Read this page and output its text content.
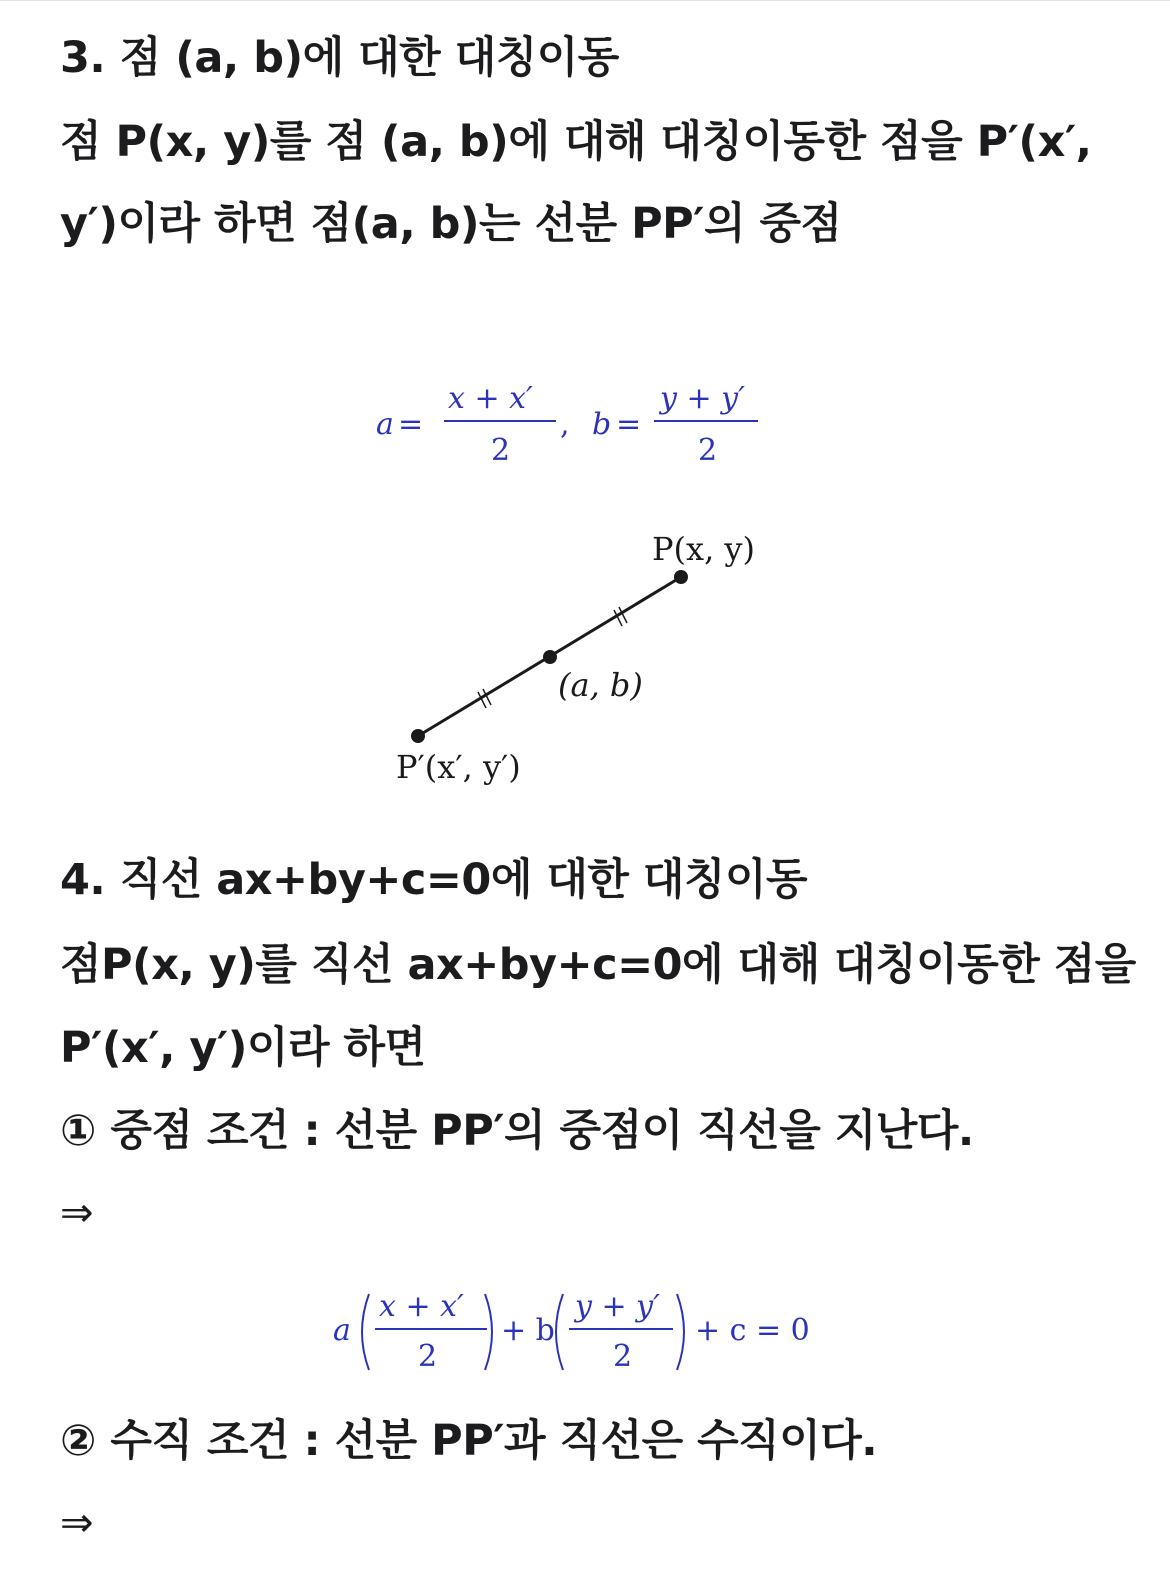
3. 점 (a, b)에 대한 대칭이동
점 P(x, y)를 점 (a, b)에 대해 대칭이동한 점을 P′(x′,
y′)이라 하면 점(a, b)는 선분 PP′의 중점
a =
x + x′
2
, b =
y + y′
2
P(x, y)
(a, b)
P′(x′, y′)
4. 직선 ax+by+c=0에 대한 대칭이동
점P(x, y)를 직선 ax+by+c=0에 대해 대칭이동한 점을
P′(x′, y′)이라 하면
① 중점 조건 : 선분 PP′의 중점이 직선을 지난다.
⇒
a
x + x′
2
+ b
y + y′
2
+ c = 0
② 수직 조건 : 선분 PP′과 직선은 수직이다.
⇒
